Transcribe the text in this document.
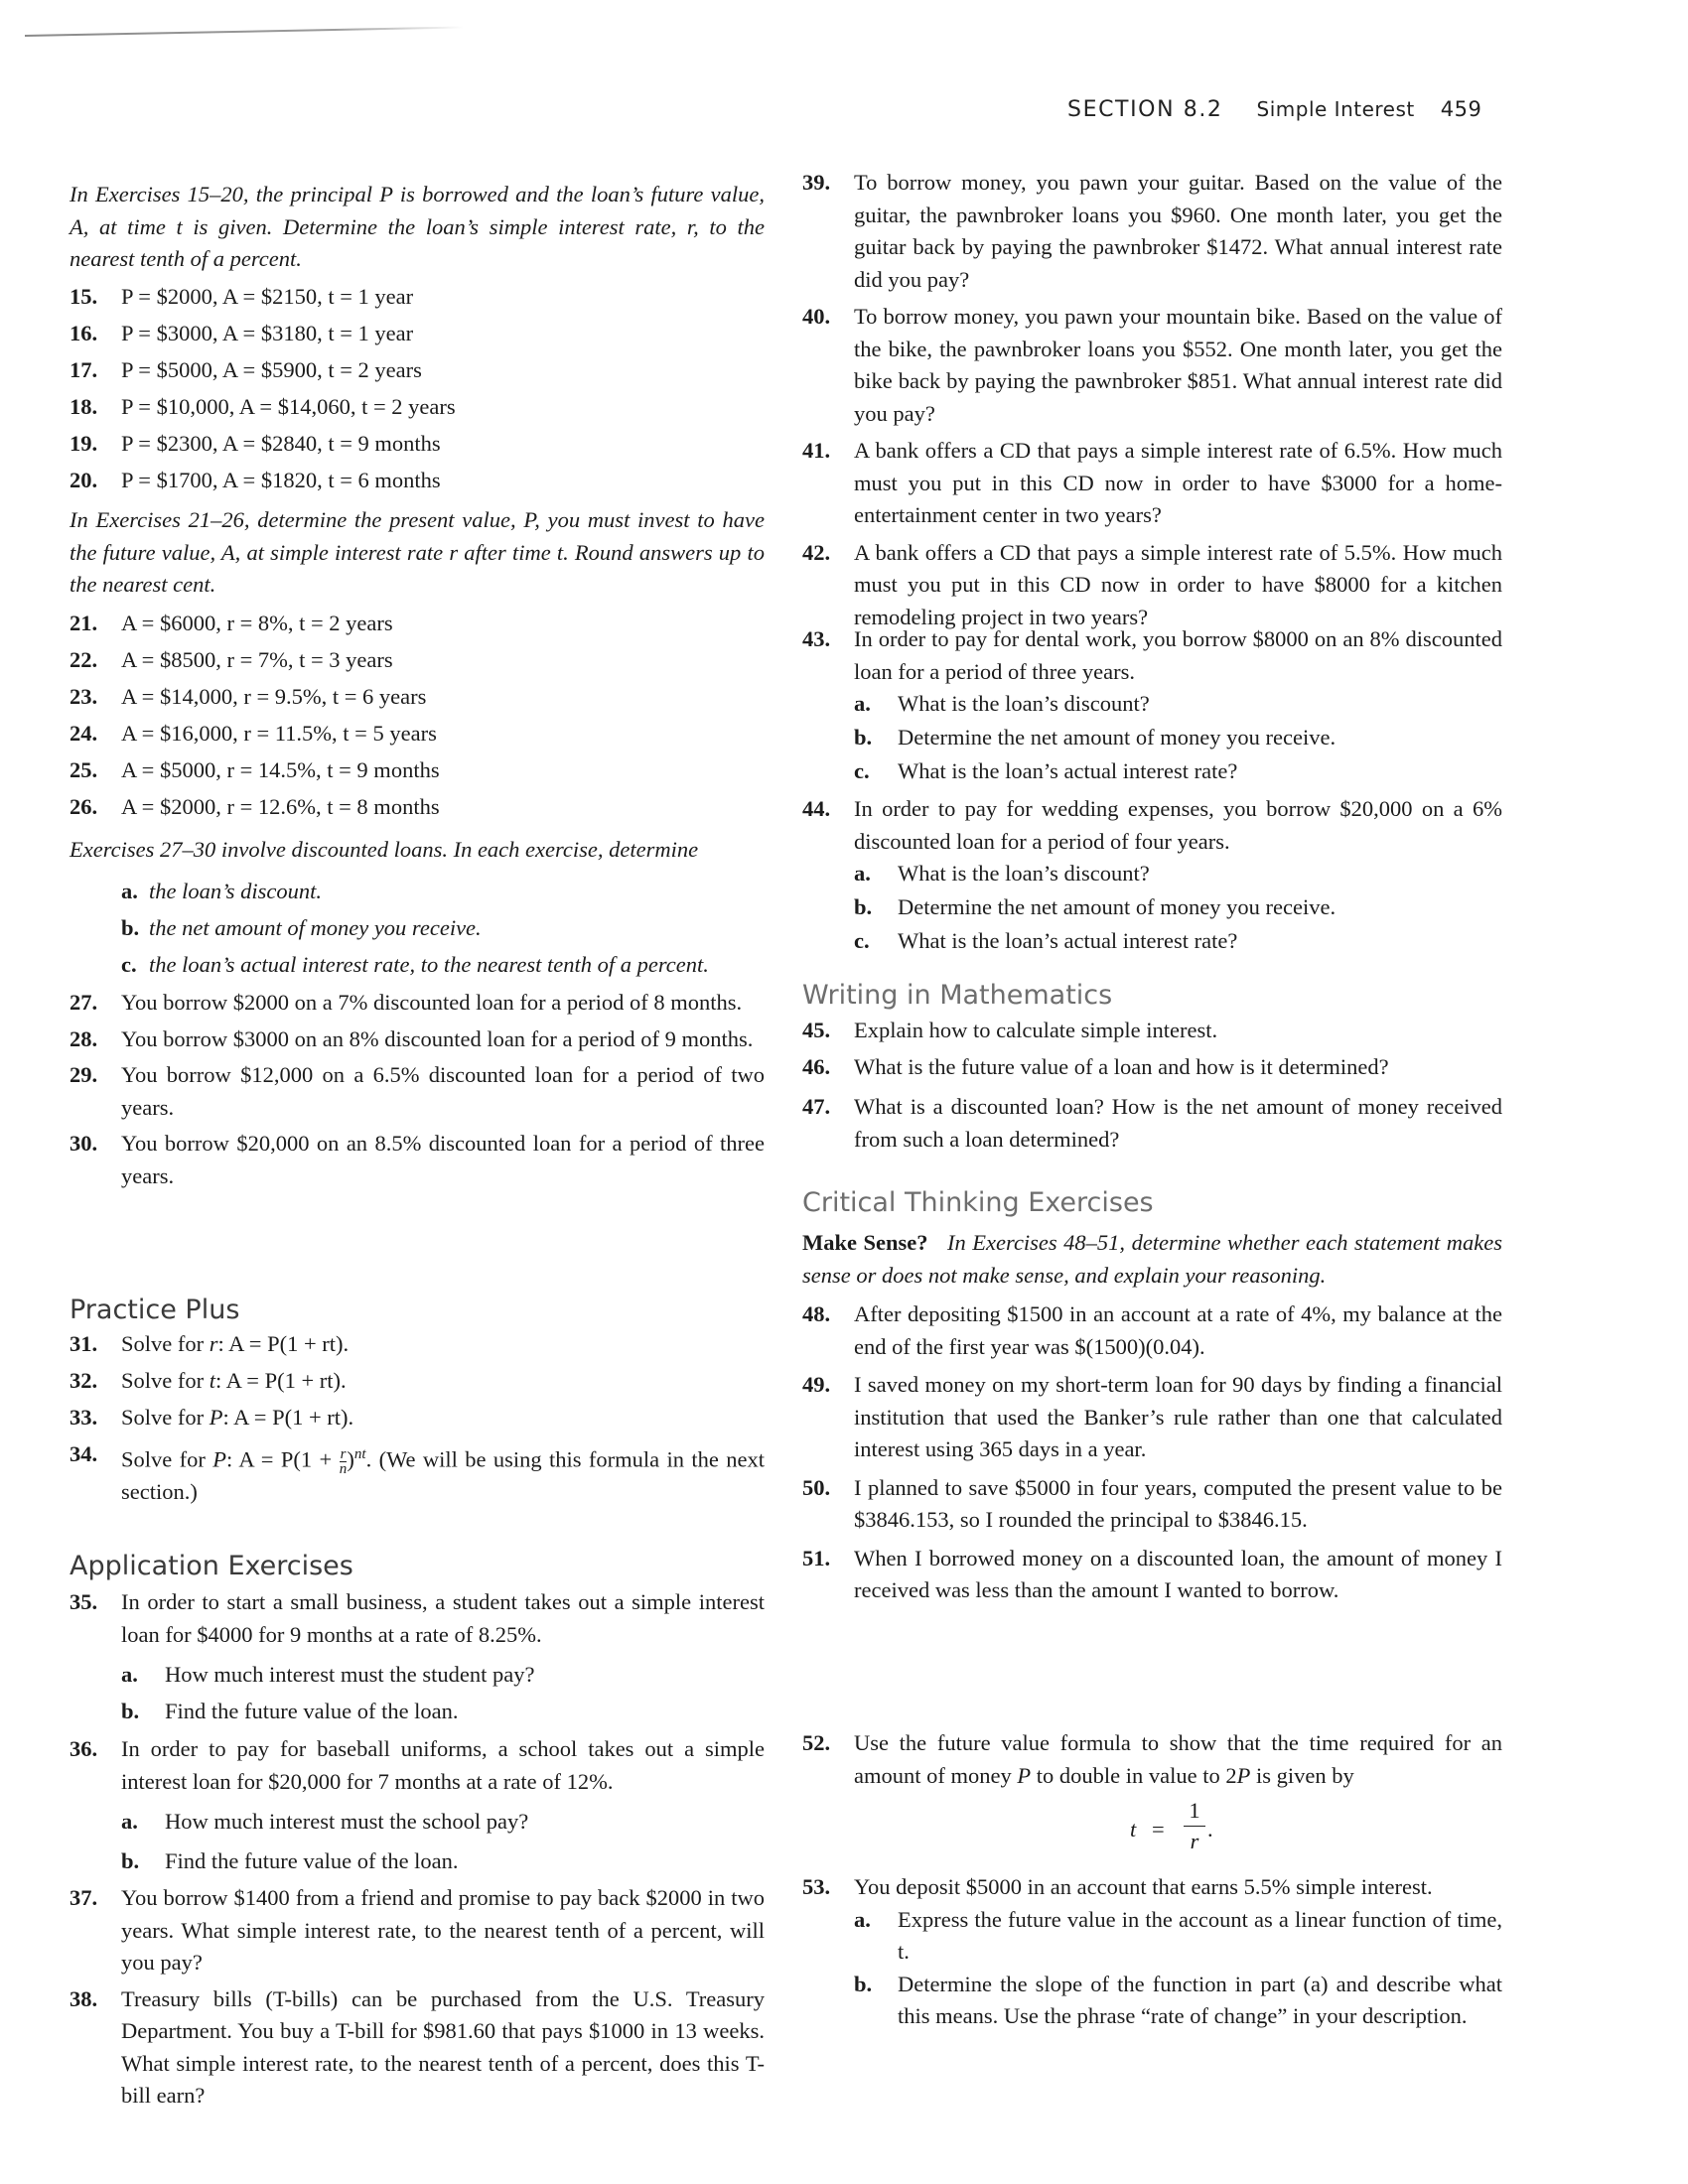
SECTION 8.2 Simple Interest 459
In Exercises 15–20, the principal P is borrowed and the loan’s future value, A, at time t is given. Determine the loan’s simple interest rate, r, to the nearest tenth of a percent.
15. P = $2000, A = $2150, t = 1 year
16. P = $3000, A = $3180, t = 1 year
17. P = $5000, A = $5900, t = 2 years
18. P = $10,000, A = $14,060, t = 2 years
19. P = $2300, A = $2840, t = 9 months
20. P = $1700, A = $1820, t = 6 months
In Exercises 21–26, determine the present value, P, you must invest to have the future value, A, at simple interest rate r after time t. Round answers up to the nearest cent.
21. A = $6000, r = 8%, t = 2 years
22. A = $8500, r = 7%, t = 3 years
23. A = $14,000, r = 9.5%, t = 6 years
24. A = $16,000, r = 11.5%, t = 5 years
25. A = $5000, r = 14.5%, t = 9 months
26. A = $2000, r = 12.6%, t = 8 months
Exercises 27–30 involve discounted loans. In each exercise, determine
a. the loan’s discount.
b. the net amount of money you receive.
c. the loan’s actual interest rate, to the nearest tenth of a percent.
27. You borrow $2000 on a 7% discounted loan for a period of 8 months.
28. You borrow $3000 on an 8% discounted loan for a period of 9 months.
29. You borrow $12,000 on a 6.5% discounted loan for a period of two years.
30. You borrow $20,000 on an 8.5% discounted loan for a period of three years.
Practice Plus
31. Solve for r: A = P(1 + rt).
32. Solve for t: A = P(1 + rt).
33. Solve for P: A = P(1 + rt).
34. Solve for P: $A = P(1 + \frac{r}{n} )^{nt}$. (We will be using this formula in the next section.)
Application Exercises
35. In order to start a small business, a student takes out a simple interest loan for $4000 for 9 months at a rate of 8.25%.
a. How much interest must the student pay?
b. Find the future value of the loan.
36. In order to pay for baseball uniforms, a school takes out a simple interest loan for $20,000 for 7 months at a rate of 12%.
a. How much interest must the school pay?
b. Find the future value of the loan.
37. You borrow $1400 from a friend and promise to pay back $2000 in two years. What simple interest rate, to the nearest tenth of a percent, will you pay?
38. Treasury bills (T-bills) can be purchased from the U.S. Treasury Department. You buy a T-bill for $981.60 that pays $1000 in 13 weeks. What simple interest rate, to the nearest tenth of a percent, does this T-bill earn?
39. To borrow money, you pawn your guitar. Based on the value of the guitar, the pawnbroker loans you $960. One month later, you get the guitar back by paying the pawnbroker $1472. What annual interest rate did you pay?
40. To borrow money, you pawn your mountain bike. Based on the value of the bike, the pawnbroker loans you $552. One month later, you get the bike back by paying the pawnbroker $851. What annual interest rate did you pay?
41. A bank offers a CD that pays a simple interest rate of 6.5%. How much must you put in this CD now in order to have $3000 for a home-entertainment center in two years?
42. A bank offers a CD that pays a simple interest rate of 5.5%. How much must you put in this CD now in order to have $8000 for a kitchen remodeling project in two years?
43. In order to pay for dental work, you borrow $8000 on an 8% discounted loan for a period of three years.
a. What is the loan’s discount?
b. Determine the net amount of money you receive.
c. What is the loan’s actual interest rate?
44. In order to pay for wedding expenses, you borrow $20,000 on a 6% discounted loan for a period of four years.
a. What is the loan’s discount?
b. Determine the net amount of money you receive.
c. What is the loan’s actual interest rate?
Writing in Mathematics
45. Explain how to calculate simple interest.
46. What is the future value of a loan and how is it determined?
47. What is a discounted loan? How is the net amount of money received from such a loan determined?
Critical Thinking Exercises
Make Sense? In Exercises 48–51, determine whether each statement makes sense or does not make sense, and explain your reasoning.
48. After depositing $1500 in an account at a rate of 4%, my balance at the end of the first year was $(1500)(0.04).
49. I saved money on my short-term loan for 90 days by finding a financial institution that used the Banker’s rule rather than one that calculated interest using 365 days in a year.
50. I planned to save $5000 in four years, computed the present value to be $3846.153, so I rounded the principal to $3846.15.
51. When I borrowed money on a discounted loan, the amount of money I received was less than the amount I wanted to borrow.
52. Use the future value formula to show that the time required for an amount of money P to double in value to 2P is given by
$t = \frac{1}{r}$ .
53. You deposit $5000 in an account that earns 5.5% simple interest.
a. Express the future value in the account as a linear function of time, t.
b. Determine the slope of the function in part (a) and describe what this means. Use the phrase “rate of change” in your description.
